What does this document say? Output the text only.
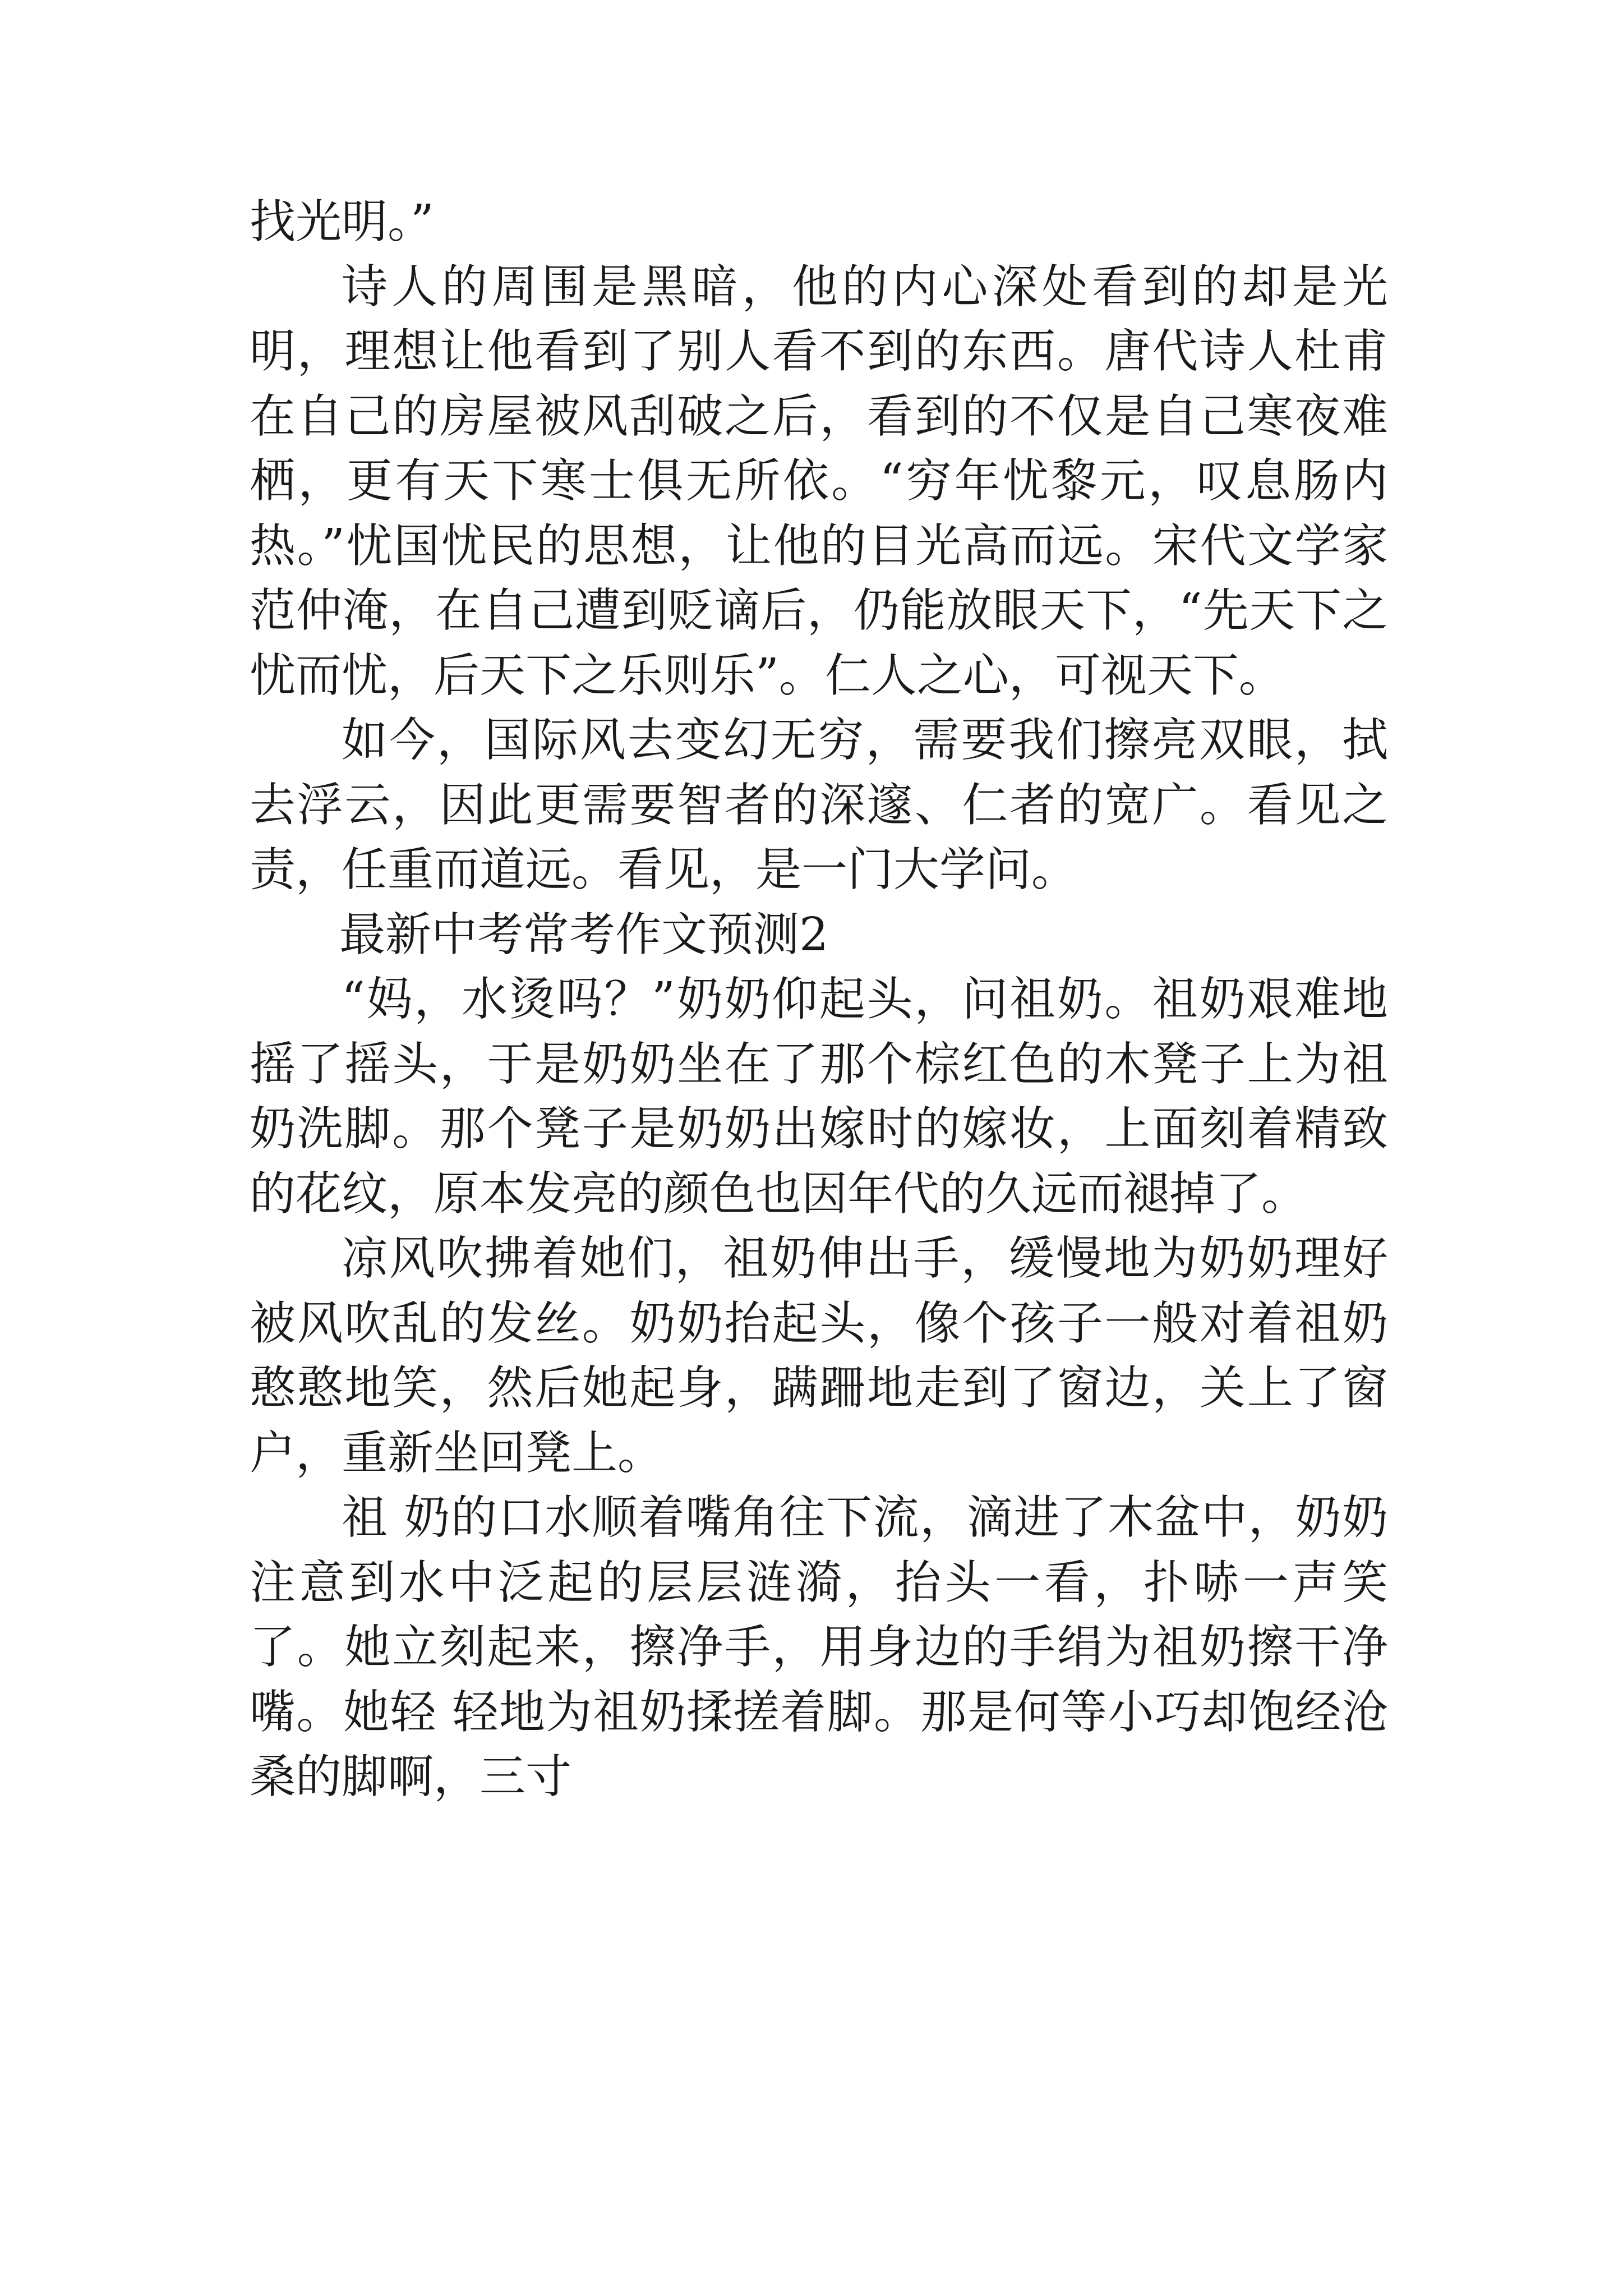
找光明。”

诗人的周围是黑暗，他的内心深处看到的却是光明，理想让他看到了别人看不到的东西。唐代诗人杜甫在自己的房屋被风刮破之后，看到的不仅是自己寒夜难栖，更有天下寒士俱无所依。“穷年忧黎元，叹息肠内热。”忧国忧民的思想，让他的目光高而远。宋代文学家范仲淹，在自己遭到贬谪后，仍能放眼天下，“先天下之忧而忧，后天下之乐则乐”。仁人之心，可视天下。

如今，国际风去变幻无穷，需要我们擦亮双眼，拭去浮云，因此更需要智者的深邃、仁者的宽广。看见之责，任重而道远。看见，是一门大学问。

最新中考常考作文预测2

“妈，水烫吗？”奶奶仰起头，问祖奶。祖奶艰难地摇了摇头，于是奶奶坐在了那个棕红色的木凳子上为祖奶洗脚。那个凳子是奶奶出嫁时的嫁妆，上面刻着精致的花纹，原本发亮的颜色也因年代的久远而褪掉了。

凉风吹拂着她们，祖奶伸出手，缓慢地为奶奶理好被风吹乱的发丝。奶奶抬起头，像个孩子一般对着祖奶憨憨地笑，然后她起身，蹒跚地走到了窗边，关上了窗户，重新坐回凳上。

祖 奶的口水顺着嘴角往下流，滴进了木盆中，奶奶注意到水中泛起的层层涟漪，抬头一看，扑哧一声笑了。她立刻起来，擦净手，用身边的手绢为祖奶擦干净嘴。她轻 轻地为祖奶揉搓着脚。那是何等小巧却饱经沧桑的脚啊，三寸
